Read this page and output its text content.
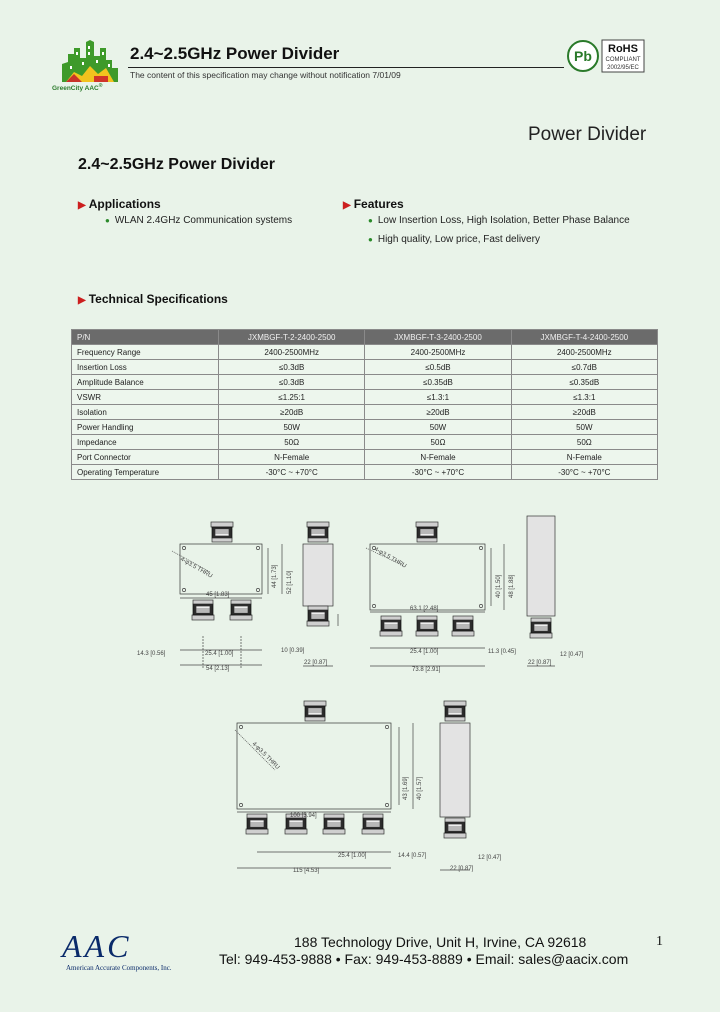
GreenCity AAC®
2.4~2.5GHz Power Divider
The content of this specification may change without notification 7/01/09
Pb RoHS
COMPLIANT
2002/95/EC
Power Divider
2.4~2.5GHz Power Divider
▶ Applications
● WLAN 2.4GHz Communication systems
▶ Features
● Low Insertion Loss, High Isolation, Better Phase Balance
● High quality, Low price, Fast delivery
▶ Technical Specifications
P/N	JXMBGF-T-2-2400-2500	JXMBGF-T-3-2400-2500	JXMBGF-T-4-2400-2500
Frequency Range	2400-2500MHz	2400-2500MHz	2400-2500MHz
Insertion Loss	≤0.3dB	≤0.5dB	≤0.7dB
Amplitude Balance	≤0.3dB	≤0.35dB	≤0.35dB
VSWR	≤1.25:1	≤1.3:1	≤1.3:1
Isolation	≥20dB	≥20dB	≥20dB
Power Handling	50W	50W	50W
Impedance	50Ω	50Ω	50Ω
Port Connector	N-Female	N-Female	N-Female
Operating Temperature	-30°C ~ +70°C	-30°C ~ +70°C	-30°C ~ +70°C
45 [1.83]
25.4 [1.00]
54 [2.13]
14.3 [0.56]
44 [1.73] 52 [1.10]
4-φ3.5 THRU
22 [0.87]
10 [0.39]
63.1 [2.48]
25.4 [1.00]
73.8 [2.91]
11.3 [0.45]
40 [1.50] 48 [1.88]
4-φ3.5 THRU
22 [0.87]
12 [0.47]
100 [3.94]
25.4 [1.00]
115 [4.53]
14.4 [0.57]
43 [1.69] 40 [1.57]
4-φ3.5 THRU
22 [0.87]
12 [0.47]
AAC
American Accurate Components, Inc.
188 Technology Drive, Unit H, Irvine, CA 92618
Tel: 949-453-9888 • Fax: 949-453-8889 • Email: sales@aacix.com
1
